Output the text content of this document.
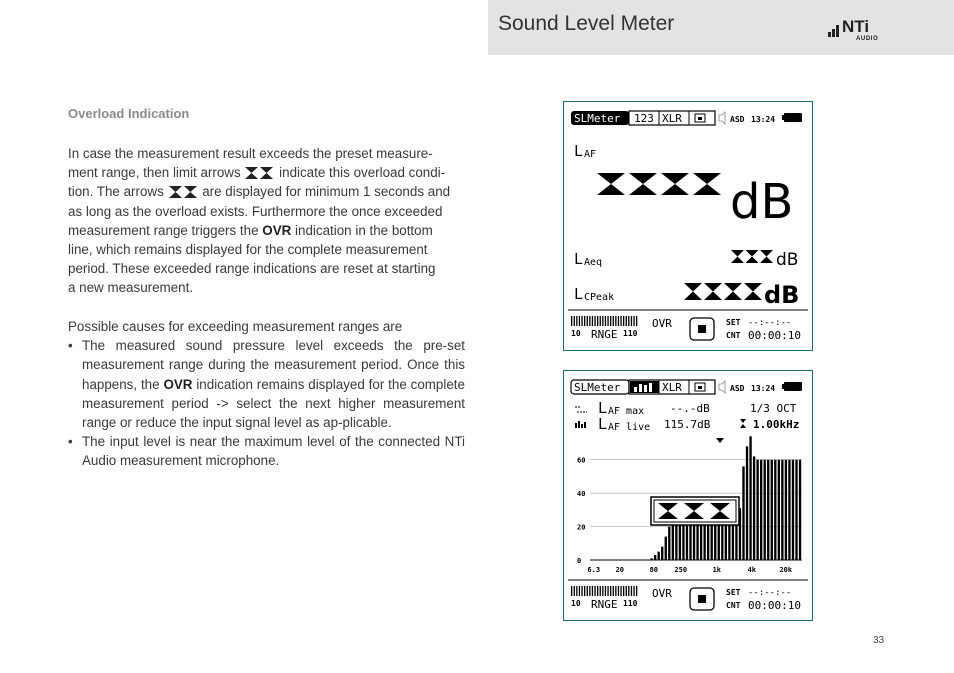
Sound Level Meter	NTi
AUDIO
Overload Indication
In case the measurement result exceeds the preset measure-
ment range, then limit arrows	indicate this overload condi-
tion. The arrows	are displayed for minimum 1 seconds and
as long as the overload exists. Furthermore the once exceeded
measurement range triggers the OVR indication in the bottom
line, which remains displayed for the complete measurement
period. These exceeded range indications are reset at starting
a new measurement.
Possible causes for exceeding measurement ranges are
• The measured sound pressure level exceeds the pre-set measurement range during the measurement period. Once this happens, the OVR indication remains displayed for the complete measurement period -> select the next higher measurement range or reduce the input signal level as ap-plicable.
• The input level is near the maximum level of the connected NTi Audio measurement microphone.
SLMeter 123 XLR	ASD 13:24
L AF
dB
L Aeq	dB
L CPeak	dB
10 RNGE 110
OVR	SET --:--:--
CNT 00:00:10
SLMeter	XLR	ASD 13:24
L AF max --.-dB	1/3 OCT
L AF live 115.7dB	1.00kHz
60
40
20
0
6.3 20	80 250	1k	4k	20k
10 RNGE 110
OVR	SET --:--:--
CNT 00:00:10
33
